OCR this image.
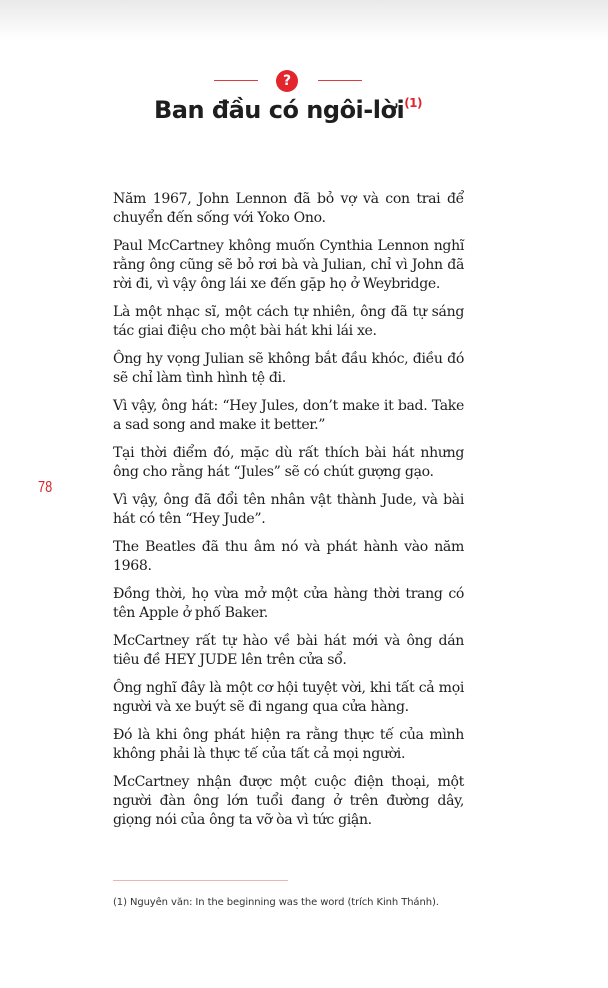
?
Ban đầu có ngôi-lời$^{(1)}$
78

Năm 1967, John Lennon đã bỏ vợ và con trai để chuyển đến sống với Yoko Ono.

Paul McCartney không muốn Cynthia Lennon nghĩ rằng ông cũng sẽ bỏ rơi bà và Julian, chỉ vì John đã rời đi, vì vậy ông lái xe đến gặp họ ở Weybridge.

Là một nhạc sĩ, một cách tự nhiên, ông đã tự sáng tác giai điệu cho một bài hát khi lái xe.

Ông hy vọng Julian sẽ không bắt đầu khóc, điều đó sẽ chỉ làm tình hình tệ đi.

Vì vậy, ông hát: “Hey Jules, don’t make it bad. Take a sad song and make it better.”

Tại thời điểm đó, mặc dù rất thích bài hát nhưng ông cho rằng hát “Jules” sẽ có chút gượng gạo.

Vì vậy, ông đã đổi tên nhân vật thành Jude, và bài hát có tên “Hey Jude”.

The Beatles đã thu âm nó và phát hành vào năm 1968.

Đồng thời, họ vừa mở một cửa hàng thời trang có tên Apple ở phố Baker.

McCartney rất tự hào về bài hát mới và ông dán tiêu đề HEY JUDE lên trên cửa sổ.

Ông nghĩ đây là một cơ hội tuyệt vời, khi tất cả mọi người và xe buýt sẽ đi ngang qua cửa hàng.

Đó là khi ông phát hiện ra rằng thực tế của mình không phải là thực tế của tất cả mọi người.

McCartney nhận được một cuộc điện thoại, một người đàn ông lớn tuổi đang ở trên đường dây, giọng nói của ông ta vỡ òa vì tức giận.

(1) Nguyên văn: In the beginning was the word (trích Kinh Thánh).
